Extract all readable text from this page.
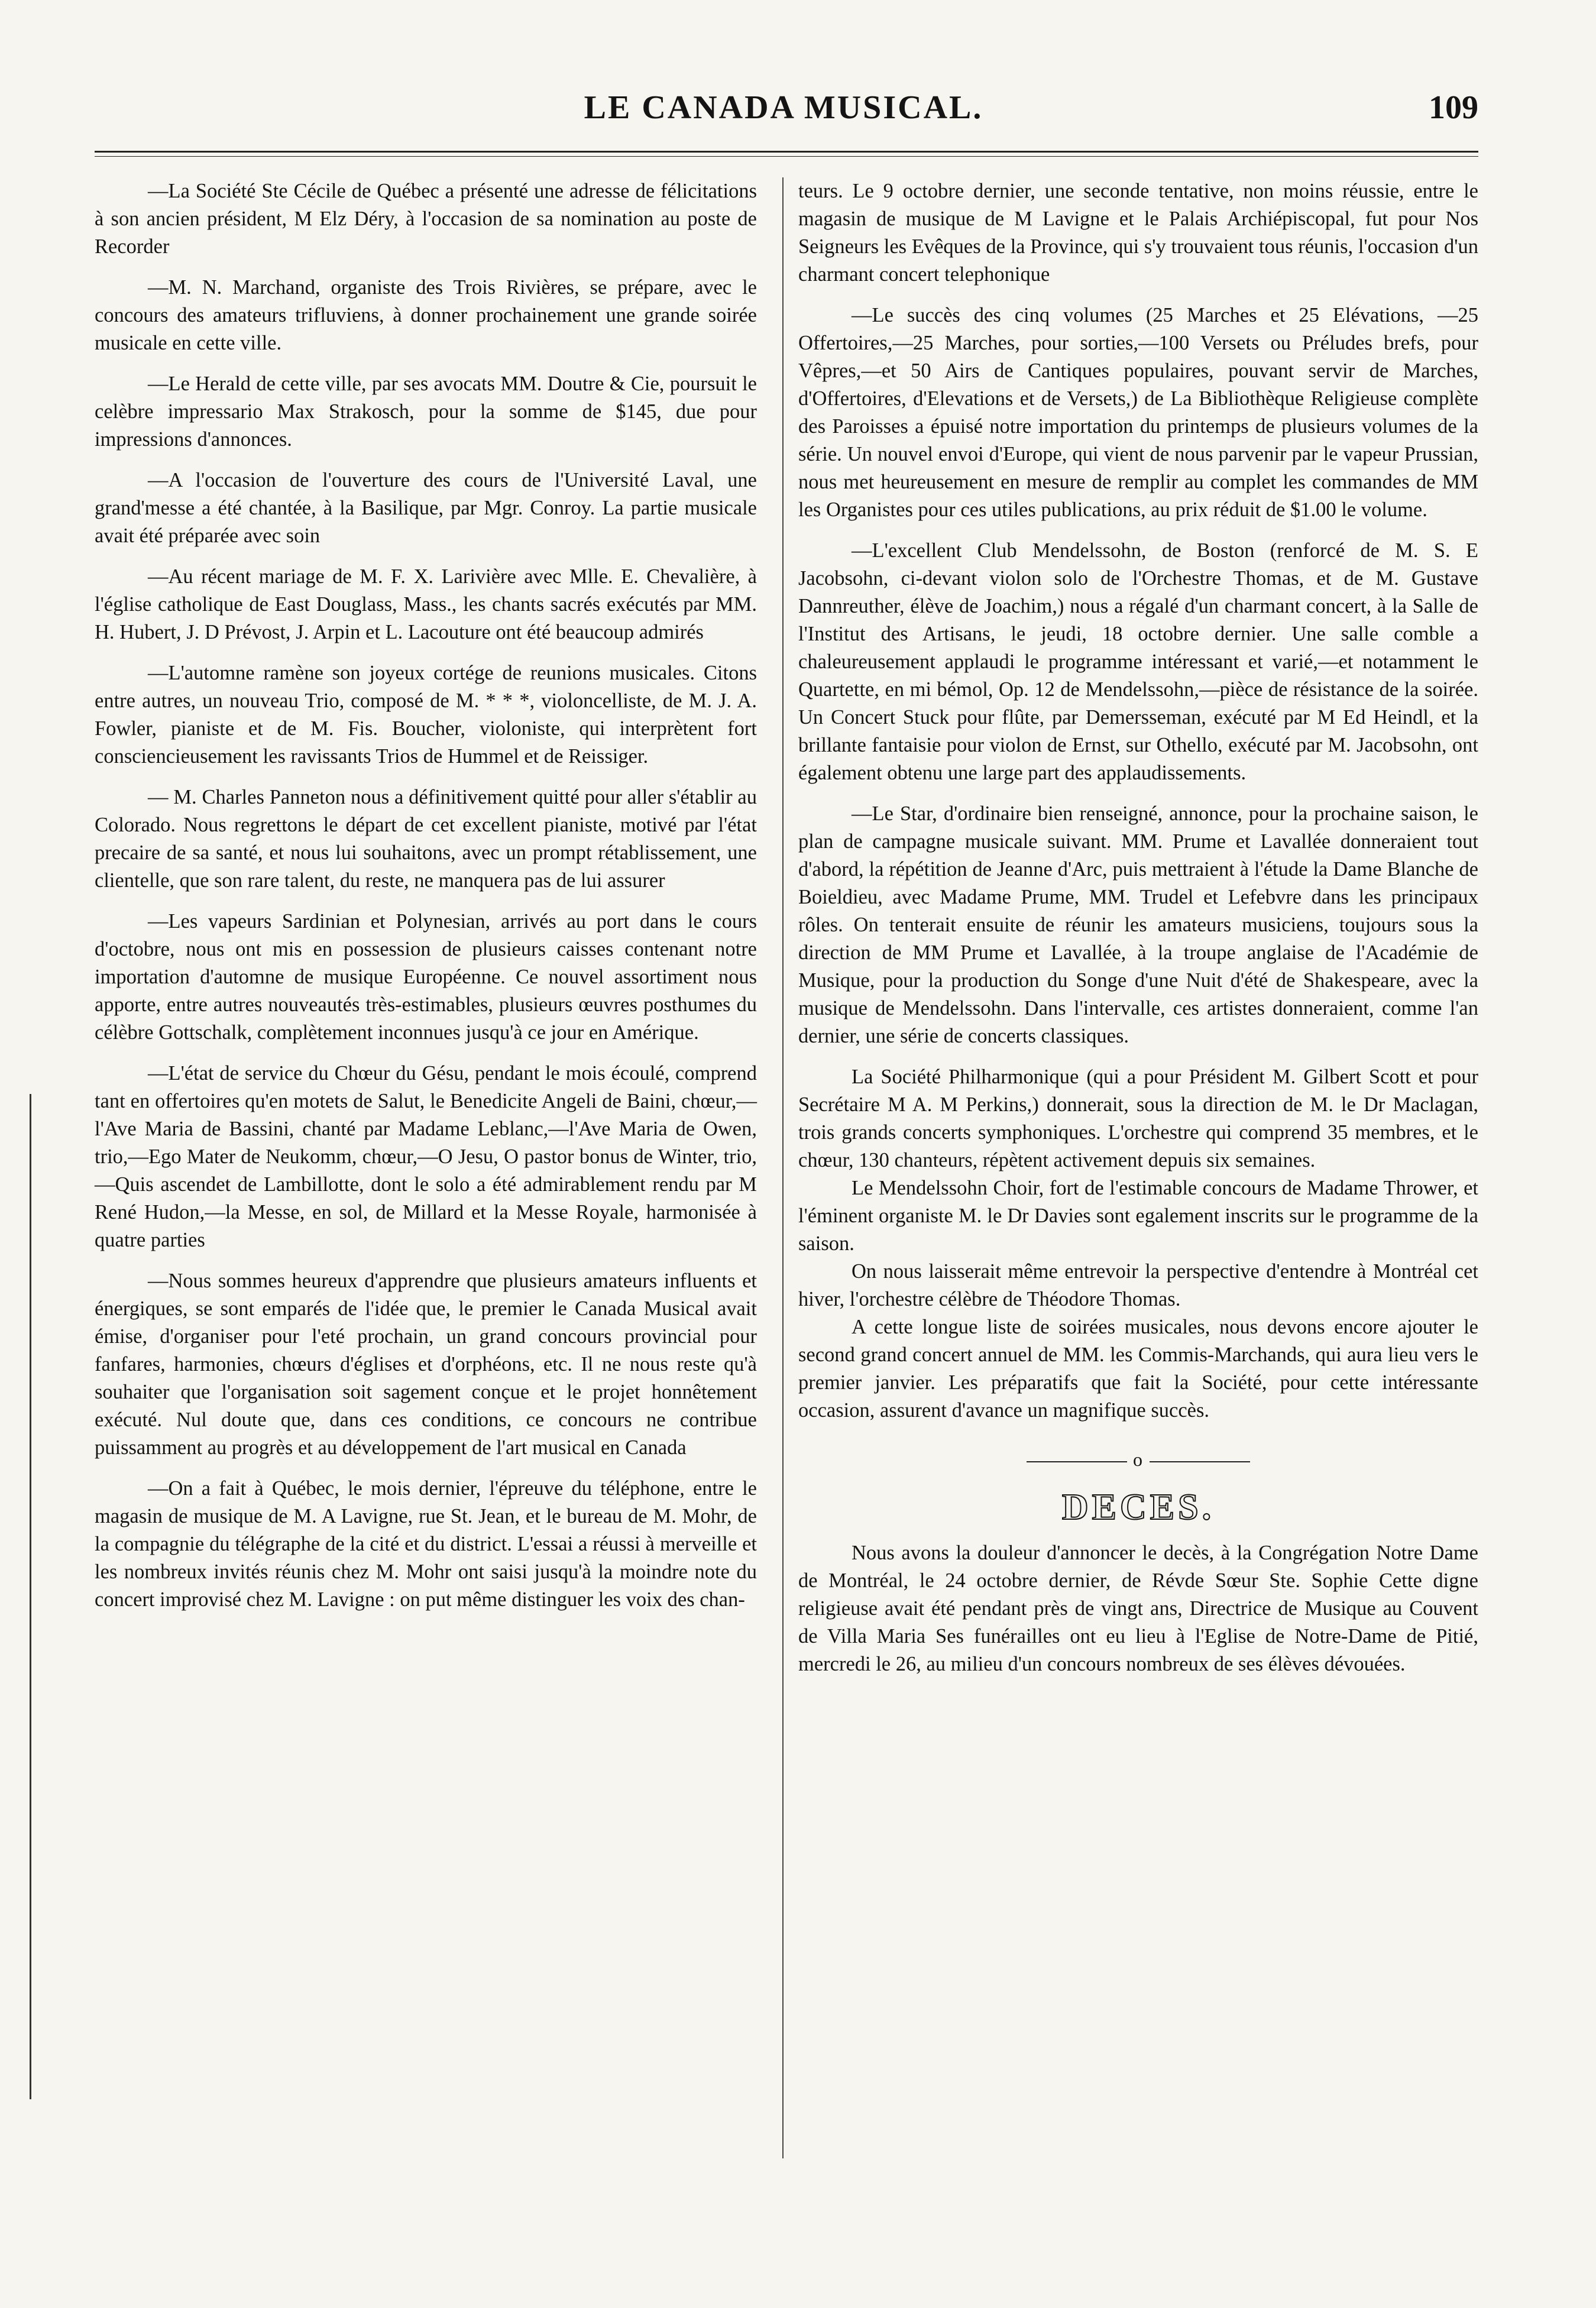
LE CANADA MUSICAL.	109

—La Société Ste Cécile de Québec a présenté une adresse de félicitations à son ancien président, M Elz Déry, à l'occasion de sa nomination au poste de Recorder

—M. N. Marchand, organiste des Trois Rivières, se prépare, avec le concours des amateurs trifluviens, à donner prochainement une grande soirée musicale en cette ville.

—Le Herald de cette ville, par ses avocats MM. Doutre & Cie, poursuit le celèbre impressario Max Strakosch, pour la somme de $145, due pour impressions d'annonces.

—A l'occasion de l'ouverture des cours de l'Université Laval, une grand'messe a été chantée, à la Basilique, par Mgr. Conroy. La partie musicale avait été préparée avec soin

—Au récent mariage de M. F. X. Larivière avec Mlle. E. Chevalière, à l'église catholique de East Douglass, Mass., les chants sacrés exécutés par MM. H. Hubert, J. D Prévost, J. Arpin et L. Lacouture ont été beaucoup admirés

—L'automne ramène son joyeux cortége de reunions musicales. Citons entre autres, un nouveau Trio, composé de M. * * *, violoncelliste, de M. J. A. Fowler, pianiste et de M. Fis. Boucher, violoniste, qui interprètent fort consciencieusement les ravissants Trios de Hummel et de Reissiger.

— M. Charles Panneton nous a définitivement quitté pour aller s'établir au Colorado. Nous regrettons le départ de cet excellent pianiste, motivé par l'état precaire de sa santé, et nous lui souhaitons, avec un prompt rétablissement, une clientelle, que son rare talent, du reste, ne manquera pas de lui assurer

—Les vapeurs Sardinian et Polynesian, arrivés au port dans le cours d'octobre, nous ont mis en possession de plusieurs caisses contenant notre importation d'automne de musique Européenne. Ce nouvel assortiment nous apporte, entre autres nouveautés très-estimables, plusieurs œuvres posthumes du célèbre Gottschalk, complètement inconnues jusqu'à ce jour en Amérique.

—L'état de service du Chœur du Gésu, pendant le mois écoulé, comprend tant en offertoires qu'en motets de Salut, le Benedicite Angeli de Baini, chœur,—l'Ave Maria de Bassini, chanté par Madame Leblanc,—l'Ave Maria de Owen, trio,—Ego Mater de Neukomm, chœur,—O Jesu, O pastor bonus de Winter, trio,—Quis ascendet de Lambillotte, dont le solo a été admirablement rendu par M René Hudon,—la Messe, en sol, de Millard et la Messe Royale, harmonisée à quatre parties

—Nous sommes heureux d'apprendre que plusieurs amateurs influents et énergiques, se sont emparés de l'idée que, le premier le Canada Musical avait émise, d'organiser pour l'eté prochain, un grand concours provincial pour fanfares, harmonies, chœurs d'églises et d'orphéons, etc. Il ne nous reste qu'à souhaiter que l'organisation soit sagement conçue et le projet honnêtement exécuté. Nul doute que, dans ces conditions, ce concours ne contribue puissamment au progrès et au développement de l'art musical en Canada

—On a fait à Québec, le mois dernier, l'épreuve du téléphone, entre le magasin de musique de M. A Lavigne, rue St. Jean, et le bureau de M. Mohr, de la compagnie du télégraphe de la cité et du district. L'essai a réussi à merveille et les nombreux invités réunis chez M. Mohr ont saisi jusqu'à la moindre note du concert improvisé chez M. Lavigne : on put même distinguer les voix des chan-

teurs. Le 9 octobre dernier, une seconde tentative, non moins réussie, entre le magasin de musique de M Lavigne et le Palais Archiépiscopal, fut pour Nos Seigneurs les Evêques de la Province, qui s'y trouvaient tous réunis, l'occasion d'un charmant concert telephonique

—Le succès des cinq volumes (25 Marches et 25 Elévations, —25 Offertoires,—25 Marches, pour sorties,—100 Versets ou Préludes brefs, pour Vêpres,—et 50 Airs de Cantiques populaires, pouvant servir de Marches, d'Offertoires, d'Elevations et de Versets,) de La Bibliothèque Religieuse complète des Paroisses a épuisé notre importation du printemps de plusieurs volumes de la série. Un nouvel envoi d'Europe, qui vient de nous parvenir par le vapeur Prussian, nous met heureusement en mesure de remplir au complet les commandes de MM les Organistes pour ces utiles publications, au prix réduit de $1.00 le volume.

—L'excellent Club Mendelssohn, de Boston (renforcé de M. S. E Jacobsohn, ci-devant violon solo de l'Orchestre Thomas, et de M. Gustave Dannreuther, élève de Joachim,) nous a régalé d'un charmant concert, à la Salle de l'Institut des Artisans, le jeudi, 18 octobre dernier. Une salle comble a chaleureusement applaudi le programme intéressant et varié,—et notamment le Quartette, en mi bémol, Op. 12 de Mendelssohn,—pièce de résistance de la soirée. Un Concert Stuck pour flûte, par Demersseman, exécuté par M Ed Heindl, et la brillante fantaisie pour violon de Ernst, sur Othello, exécuté par M. Jacobsohn, ont également obtenu une large part des applaudissements.

—Le Star, d'ordinaire bien renseigné, annonce, pour la prochaine saison, le plan de campagne musicale suivant. MM. Prume et Lavallée donneraient tout d'abord, la répétition de Jeanne d'Arc, puis mettraient à l'étude la Dame Blanche de Boieldieu, avec Madame Prume, MM. Trudel et Lefebvre dans les principaux rôles. On tenterait ensuite de réunir les amateurs musiciens, toujours sous la direction de MM Prume et Lavallée, à la troupe anglaise de l'Académie de Musique, pour la production du Songe d'une Nuit d'été de Shakespeare, avec la musique de Mendelssohn. Dans l'intervalle, ces artistes donneraient, comme l'an dernier, une série de concerts classiques.

La Société Philharmonique (qui a pour Président M. Gilbert Scott et pour Secrétaire M A. M Perkins,) donnerait, sous la direction de M. le Dr Maclagan, trois grands concerts symphoniques. L'orchestre qui comprend 35 membres, et le chœur, 130 chanteurs, répètent activement depuis six semaines.

Le Mendelssohn Choir, fort de l'estimable concours de Madame Thrower, et l'éminent organiste M. le Dr Davies sont egalement inscrits sur le programme de la saison.

On nous laisserait même entrevoir la perspective d'entendre à Montréal cet hiver, l'orchestre célèbre de Théodore Thomas.

A cette longue liste de soirées musicales, nous devons encore ajouter le second grand concert annuel de MM. les Commis-Marchands, qui aura lieu vers le premier janvier. Les préparatifs que fait la Société, pour cette intéressante occasion, assurent d'avance un magnifique succès.

o
DECES.

Nous avons la douleur d'annoncer le decès, à la Congrégation Notre Dame de Montréal, le 24 octobre dernier, de Révde Sœur Ste. Sophie Cette digne religieuse avait été pendant près de vingt ans, Directrice de Musique au Couvent de Villa Maria Ses funérailles ont eu lieu à l'Eglise de Notre-Dame de Pitié, mercredi le 26, au milieu d'un concours nombreux de ses élèves dévouées.
